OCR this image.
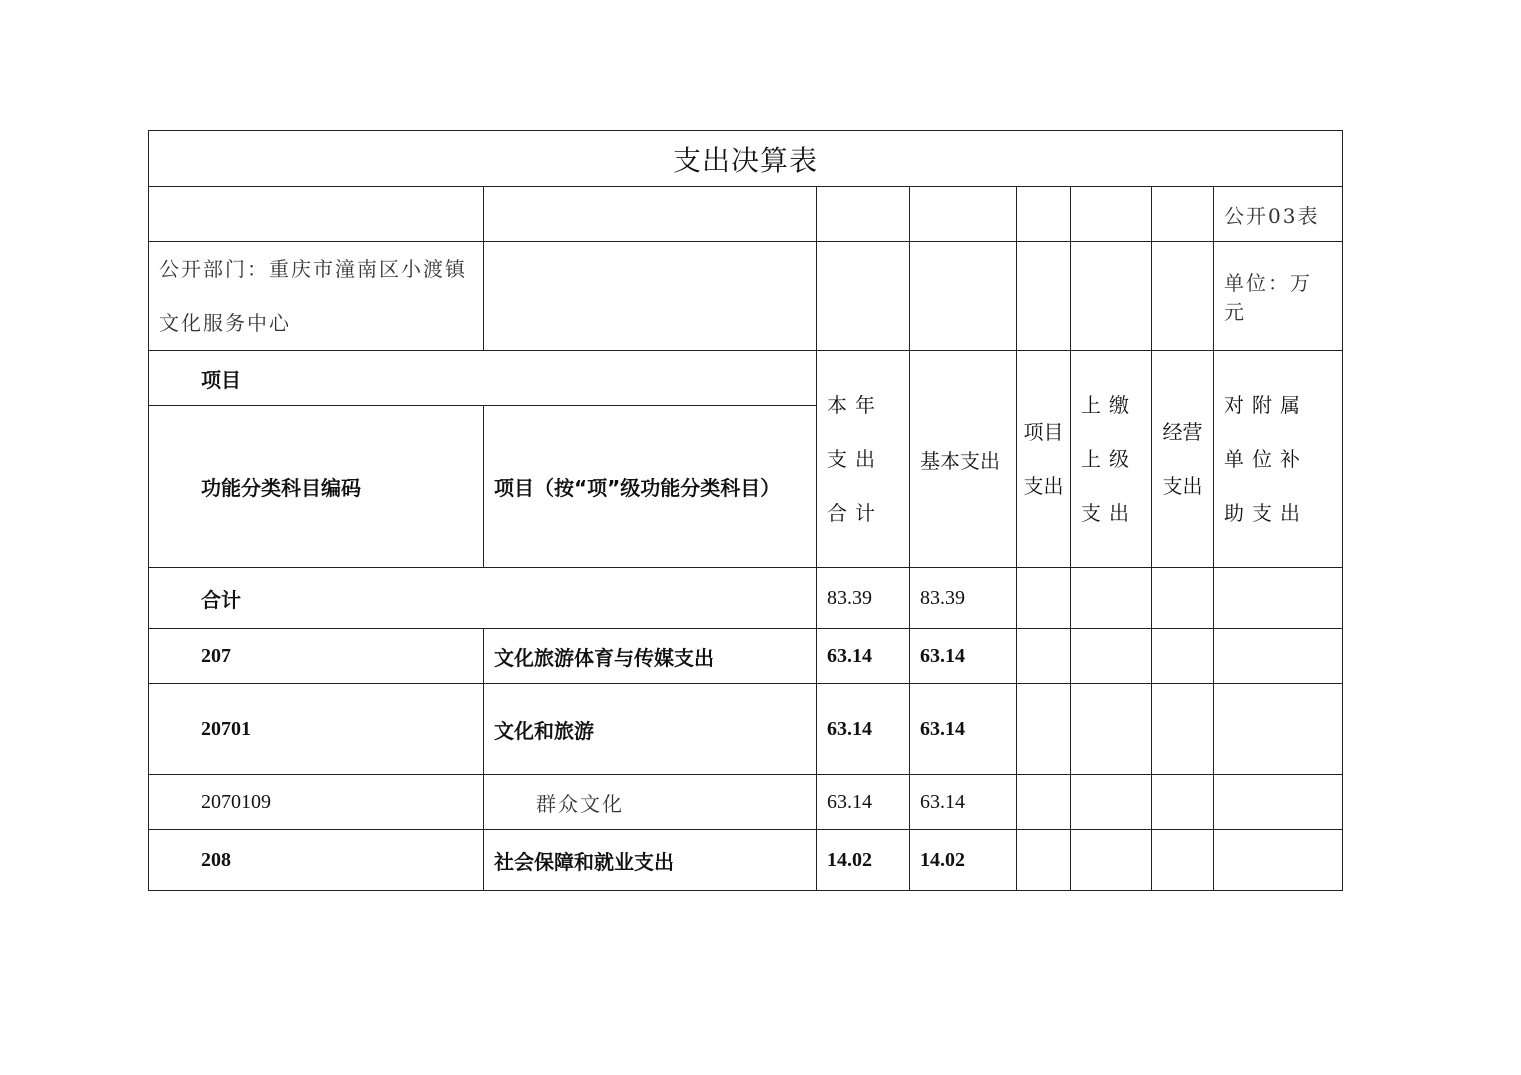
支出决算表							
							公开03表
公开部门：重庆市潼南区小渡镇文化服务中心							单位：万元
项目		本年支出合计	基本支出	项目支出	上缴上级支出	经营支出	对附属单位补助支出
功能分类科目编码	项目（按“项”级功能分类科目）						
合计		83.39	83.39				
207	文化旅游体育与传媒支出	63.14	63.14				
20701	文化和旅游	63.14	63.14				
2070109	群众文化	63.14	63.14				
208	社会保障和就业支出	14.02	14.02				
